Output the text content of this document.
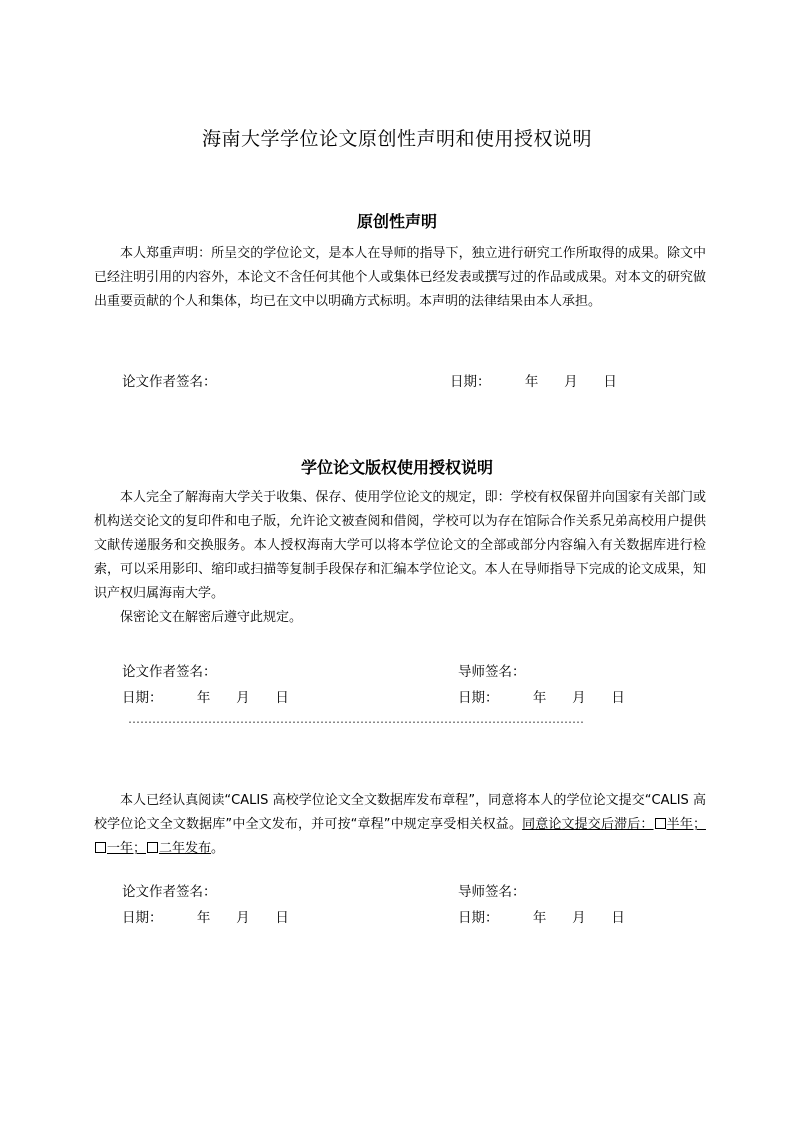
海南大学学位论文原创性声明和使用授权说明
原创性声明

本人郑重声明：所呈交的学位论文，是本人在导师的指导下，独立进行研究工作所取得的成果。除文中已经注明引用的内容外，本论文不含任何其他个人或集体已经发表或撰写过的作品或成果。对本文的研究做出重要贡献的个人和集体，均已在文中以明确方式标明。本声明的法律结果由本人承担。

论文作者签名：	日期：        年      月      日
学位论文版权使用授权说明

本人完全了解海南大学关于收集、保存、使用学位论文的规定，即：学校有权保留并向国家有关部门或机构送交论文的复印件和电子版，允许论文被查阅和借阅，学校可以为存在馆际合作关系兄弟高校用户提供文献传递服务和交换服务。本人授权海南大学可以将本学位论文的全部或部分内容编入有关数据库进行检索，可以采用影印、缩印或扫描等复制手段保存和汇编本学位论文。本人在导师指导下完成的论文成果，知识产权归属海南大学。

保密论文在解密后遵守此规定。

论文作者签名：	导师签名：
日期：        年      月      日	日期：        年      月      日
……………………………………………………………………………………………………

本人已经认真阅读“CALIS 高校学位论文全文数据库发布章程”，同意将本人的学位论文提交“CALIS 高校学位论文全文数据库”中全文发布，并可按“章程”中规定享受相关权益。同意论文提交后滞后： 半年；一年； 二年发布。

论文作者签名：	导师签名：
日期：        年      月      日	日期：        年      月      日
